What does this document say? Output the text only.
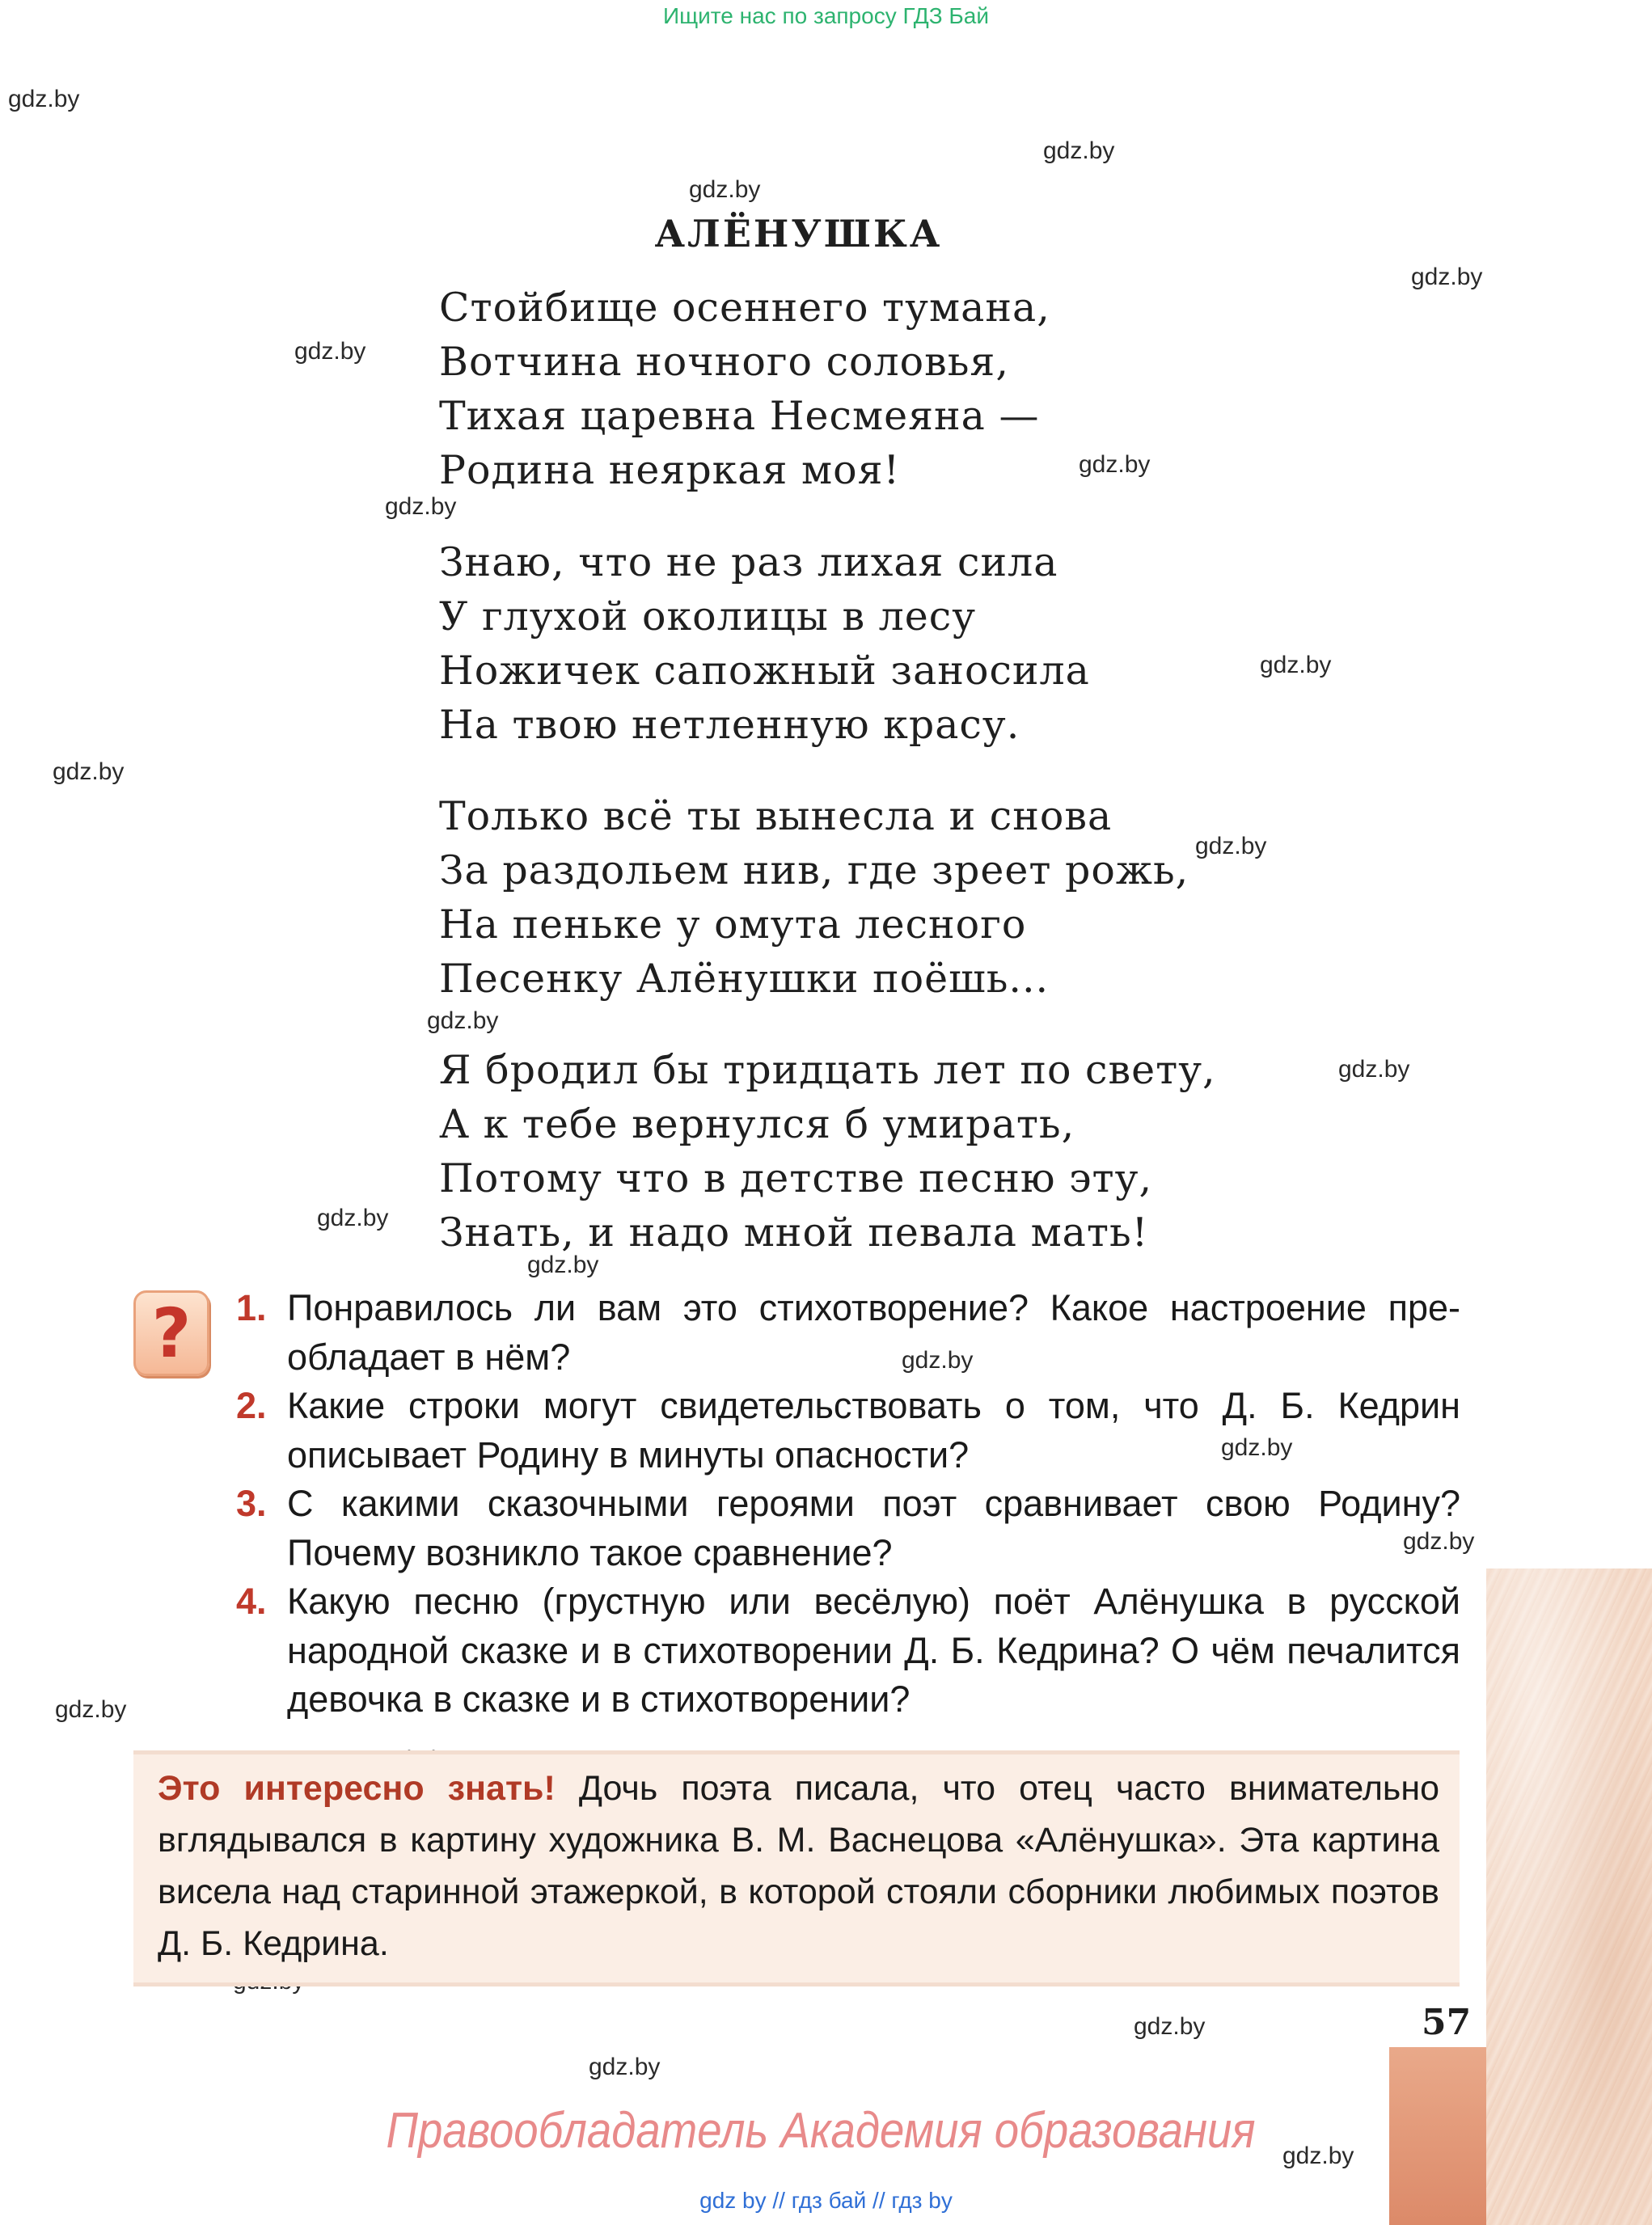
Ищите нас по запросу ГДЗ Бай
gdz.by
gdz.by
gdz.by
gdz.by
gdz.by
gdz.by
gdz.by
gdz.by
gdz.by
gdz.by
gdz.by
gdz.by
gdz.by
gdz.by
gdz.by
gdz.by
gdz.by
gdz.by
gdz.by
gdz.by
gdz.by
АЛЁНУШКА
Стойбище осеннего тумана,
Вотчина ночного соловья,
Тихая царевна Несмеяна —
Родина неяркая моя!
Знаю, что не раз лихая сила
У глухой околицы в лесу
Ножичек сапожный заносила
На твою нетленную красу.
Только всё ты вынесла и снова
За раздольем нив, где зреет рожь,
На пеньке у омута лесного
Песенку Алёнушки поёшь...
Я бродил бы тридцать лет по свету,
А к тебе вернулся б умирать,
Потому что в детстве песню эту,
Знать, и надо мной певала мать!
?	1. Понравилось ли вам это стихотворение? Какое настроение преобладает в нём?
2. Какие строки могут свидетельствовать о том, что Д. Б. Кедрин описывает Родину в минуты опасности?
3. С какими сказочными героями поэт сравнивает свою Родину? Почему возникло такое сравнение?
4. Какую песню (грустную или весёлую) поёт Алёнушка в русской народной сказке и в стихотворении Д. Б. Кедрина? О чём печалится девочка в сказке и в стихотворении?
Это интересно знать! Дочь поэта писала, что отец часто внимательно вглядывался в картину художника В. М. Васнецова «Алёнушка». Эта картина висела над старинной этажеркой, в которой стояли сборники любимых поэтов Д. Б. Кедрина.
57
Правообладатель Академия образования
gdz by // гдз бай // гдз by
